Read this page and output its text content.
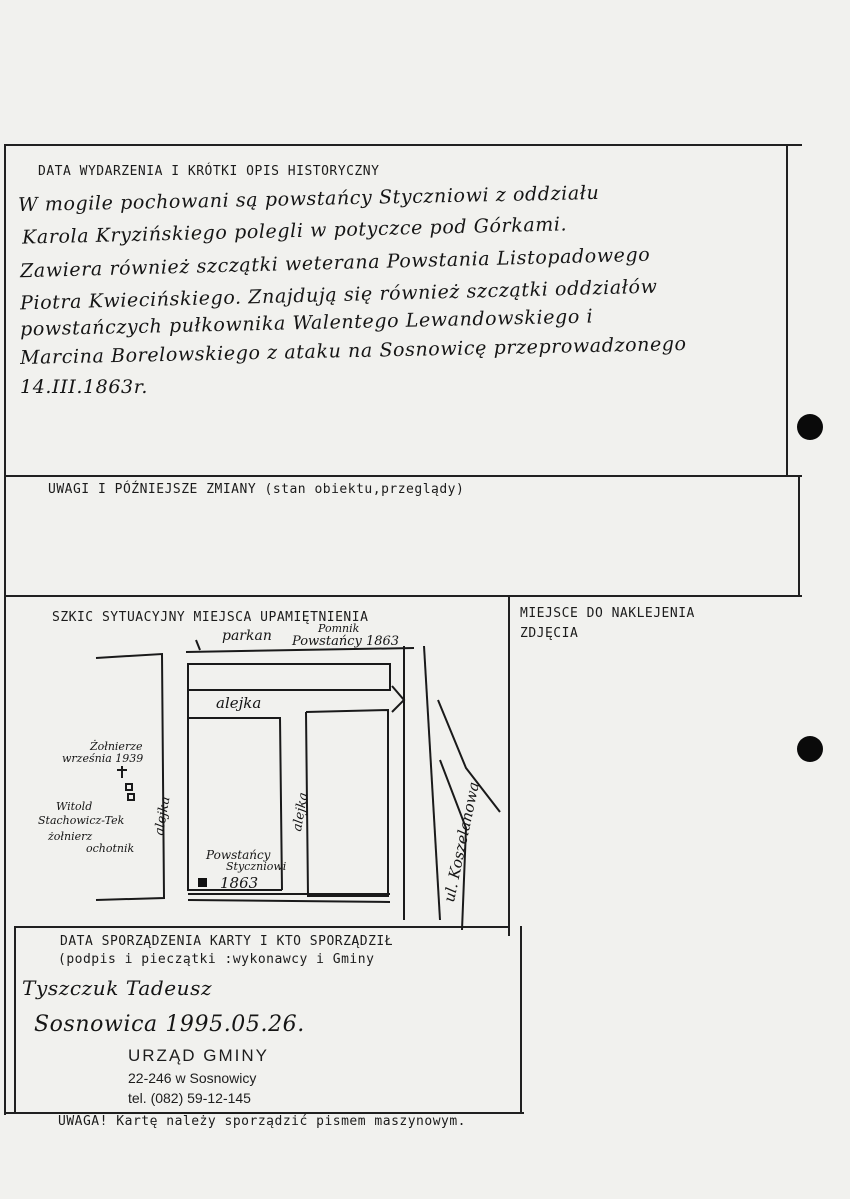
DATA WYDARZENIA I KRÓTKI OPIS HISTORYCZNY
W mogile pochowani są powstańcy Styczniowi z oddziału
Karola Kryzińskiego polegli w potyczce pod Górkami.
Zawiera również szczątki weterana Powstania Listopadowego
Piotra Kwiecińskiego. Znajdują się również szczątki oddziałów
powstańczych pułkownika Walentego Lewandowskiego i
Marcina Borelowskiego z ataku na Sosnowicę przeprowadzonego
14.III.1863r.
UWAGI I PÓŹNIEJSZE ZMIANY (stan obiektu,przeglądy)
SZKIC SYTUACYJNY MIEJSCA UPAMIĘTNIENIA	MIEJSCE DO NAKLEJENIA
ZDJĘCIA
parkan	Pomnik
Powstańcy 1863
alejka
alejka	alejka
Żołnierze
września 1939
Witold
Stachowicz-Tek
żołnierz
ochotnik	Powstańcy
Styczniowi
1863	ul. Koszelanowa
DATA SPORZĄDZENIA KARTY I KTO SPORZĄDZIŁ
(podpis i pieczątki :wykonawcy i Gminy
Tyszczuk Tadeusz
Sosnowica 1995.05.26.
URZĄD GMINY
22-246 w Sosnowicy
tel. (082) 59-12-145
UWAGA! Kartę należy sporządzić pismem maszynowym.
